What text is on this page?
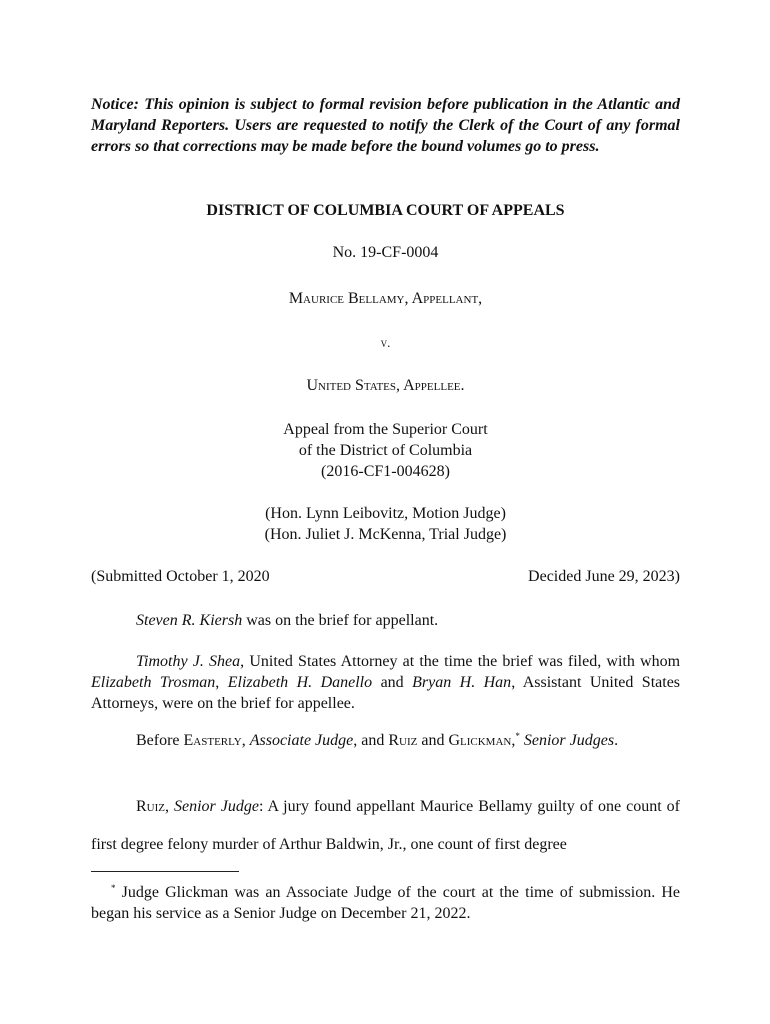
Notice: This opinion is subject to formal revision before publication in the Atlantic and Maryland Reporters. Users are requested to notify the Clerk of the Court of any formal errors so that corrections may be made before the bound volumes go to press.
DISTRICT OF COLUMBIA COURT OF APPEALS
No. 19-CF-0004
Maurice Bellamy, Appellant,
v.
United States, Appellee.
Appeal from the Superior Court
of the District of Columbia
(2016-CF1-004628)
(Hon. Lynn Leibovitz, Motion Judge)
(Hon. Juliet J. McKenna, Trial Judge)
(Submitted October 1, 2020	Decided June 29, 2023)
Steven R. Kiersh was on the brief for appellant.
Timothy J. Shea, United States Attorney at the time the brief was filed, with whom Elizabeth Trosman, Elizabeth H. Danello and Bryan H. Han, Assistant United States Attorneys, were on the brief for appellee.
Before Easterly, Associate Judge, and Ruiz and Glickman,* Senior Judges.
Ruiz, Senior Judge: A jury found appellant Maurice Bellamy guilty of one count of first degree felony murder of Arthur Baldwin, Jr., one count of first degree
* Judge Glickman was an Associate Judge of the court at the time of submission. He began his service as a Senior Judge on December 21, 2022.
